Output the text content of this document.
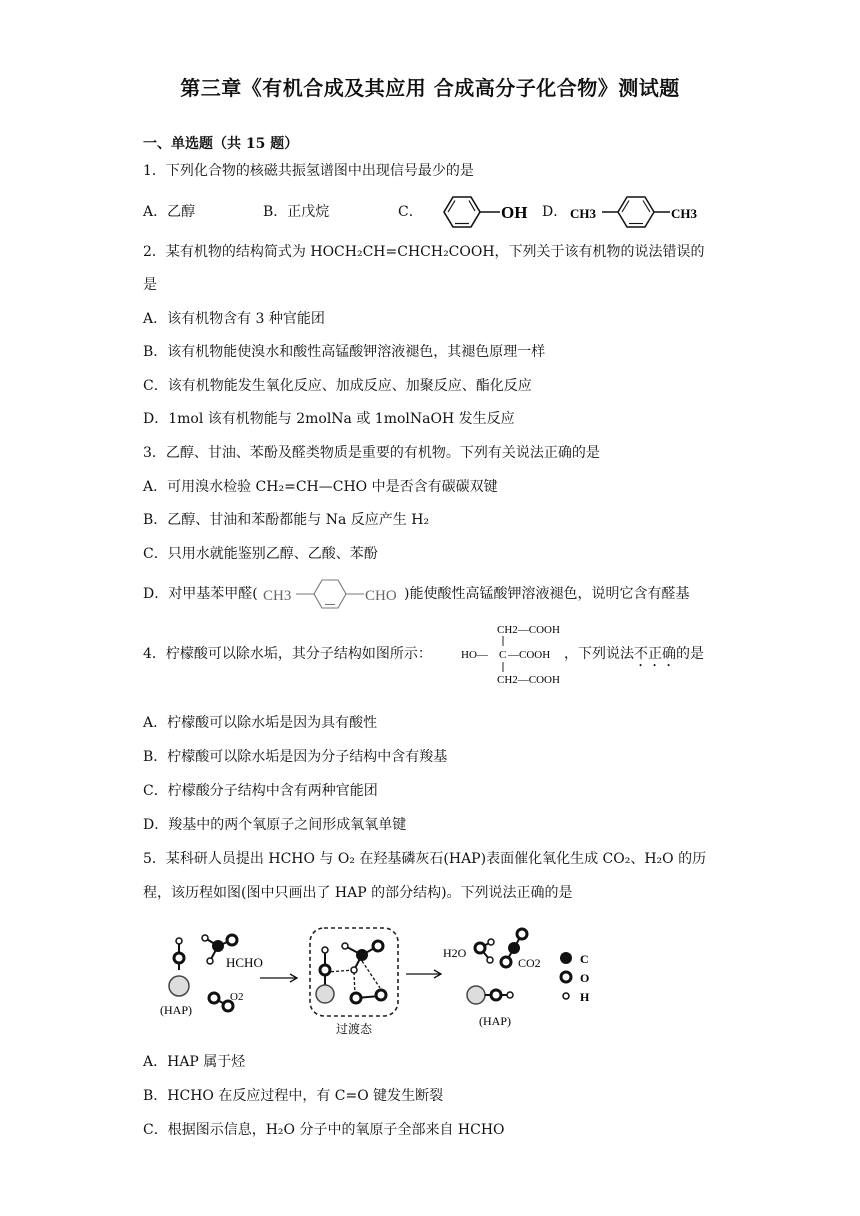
第三章《有机合成及其应用 合成高分子化合物》测试题
一、单选题（共 15 题）
1．下列化合物的核磁共振氢谱图中出现信号最少的是
A．乙醇	B．正戊烷	C．	OH D． CH3	CH3
2．某有机物的结构简式为 HOCH₂CH=CHCH₂COOH，下列关于该有机物的说法错误的
是
A．该有机物含有 3 种官能团
B．该有机物能使溴水和酸性高锰酸钾溶液褪色，其褪色原理一样
C．该有机物能发生氧化反应、加成反应、加聚反应、酯化反应
D．1mol 该有机物能与 2molNa 或 1molNaOH 发生反应
3．乙醇、甘油、苯酚及醛类物质是重要的有机物。下列有关说法正确的是
A．可用溴水检验 CH₂=CH—CHO 中是否含有碳碳双键
B．乙醇、甘油和苯酚都能与 Na 反应产生 H₂
C．只用水就能鉴别乙醇、乙酸、苯酚
D．对甲基苯甲醛( CH3	CHO )能使酸性高锰酸钾溶液褪色，说明它含有醛基
4．柠檬酸可以除水垢，其分子结构如图所示：
CH2—COOH
HO— C —COOH
CH2—COOH
，下列说法不正确的是
A．柠檬酸可以除水垢是因为具有酸性
B．柠檬酸可以除水垢是因为分子结构中含有羧基
C．柠檬酸分子结构中含有两种官能团
D．羧基中的两个氧原子之间形成氧氧单键
5．某科研人员提出 HCHO 与 O₂ 在羟基磷灰石(HAP)表面催化氧化生成 CO₂、H₂O 的历
程，该历程如图(图中只画出了 HAP 的部分结构)。下列说法正确的是
(HAP)
HCHO
O2
过渡态
H2O
CO2
(HAP)
C
O
H
A．HAP 属于烃
B．HCHO 在反应过程中，有 C=O 键发生断裂
C．根据图示信息，H₂O 分子中的氧原子全部来自 HCHO
